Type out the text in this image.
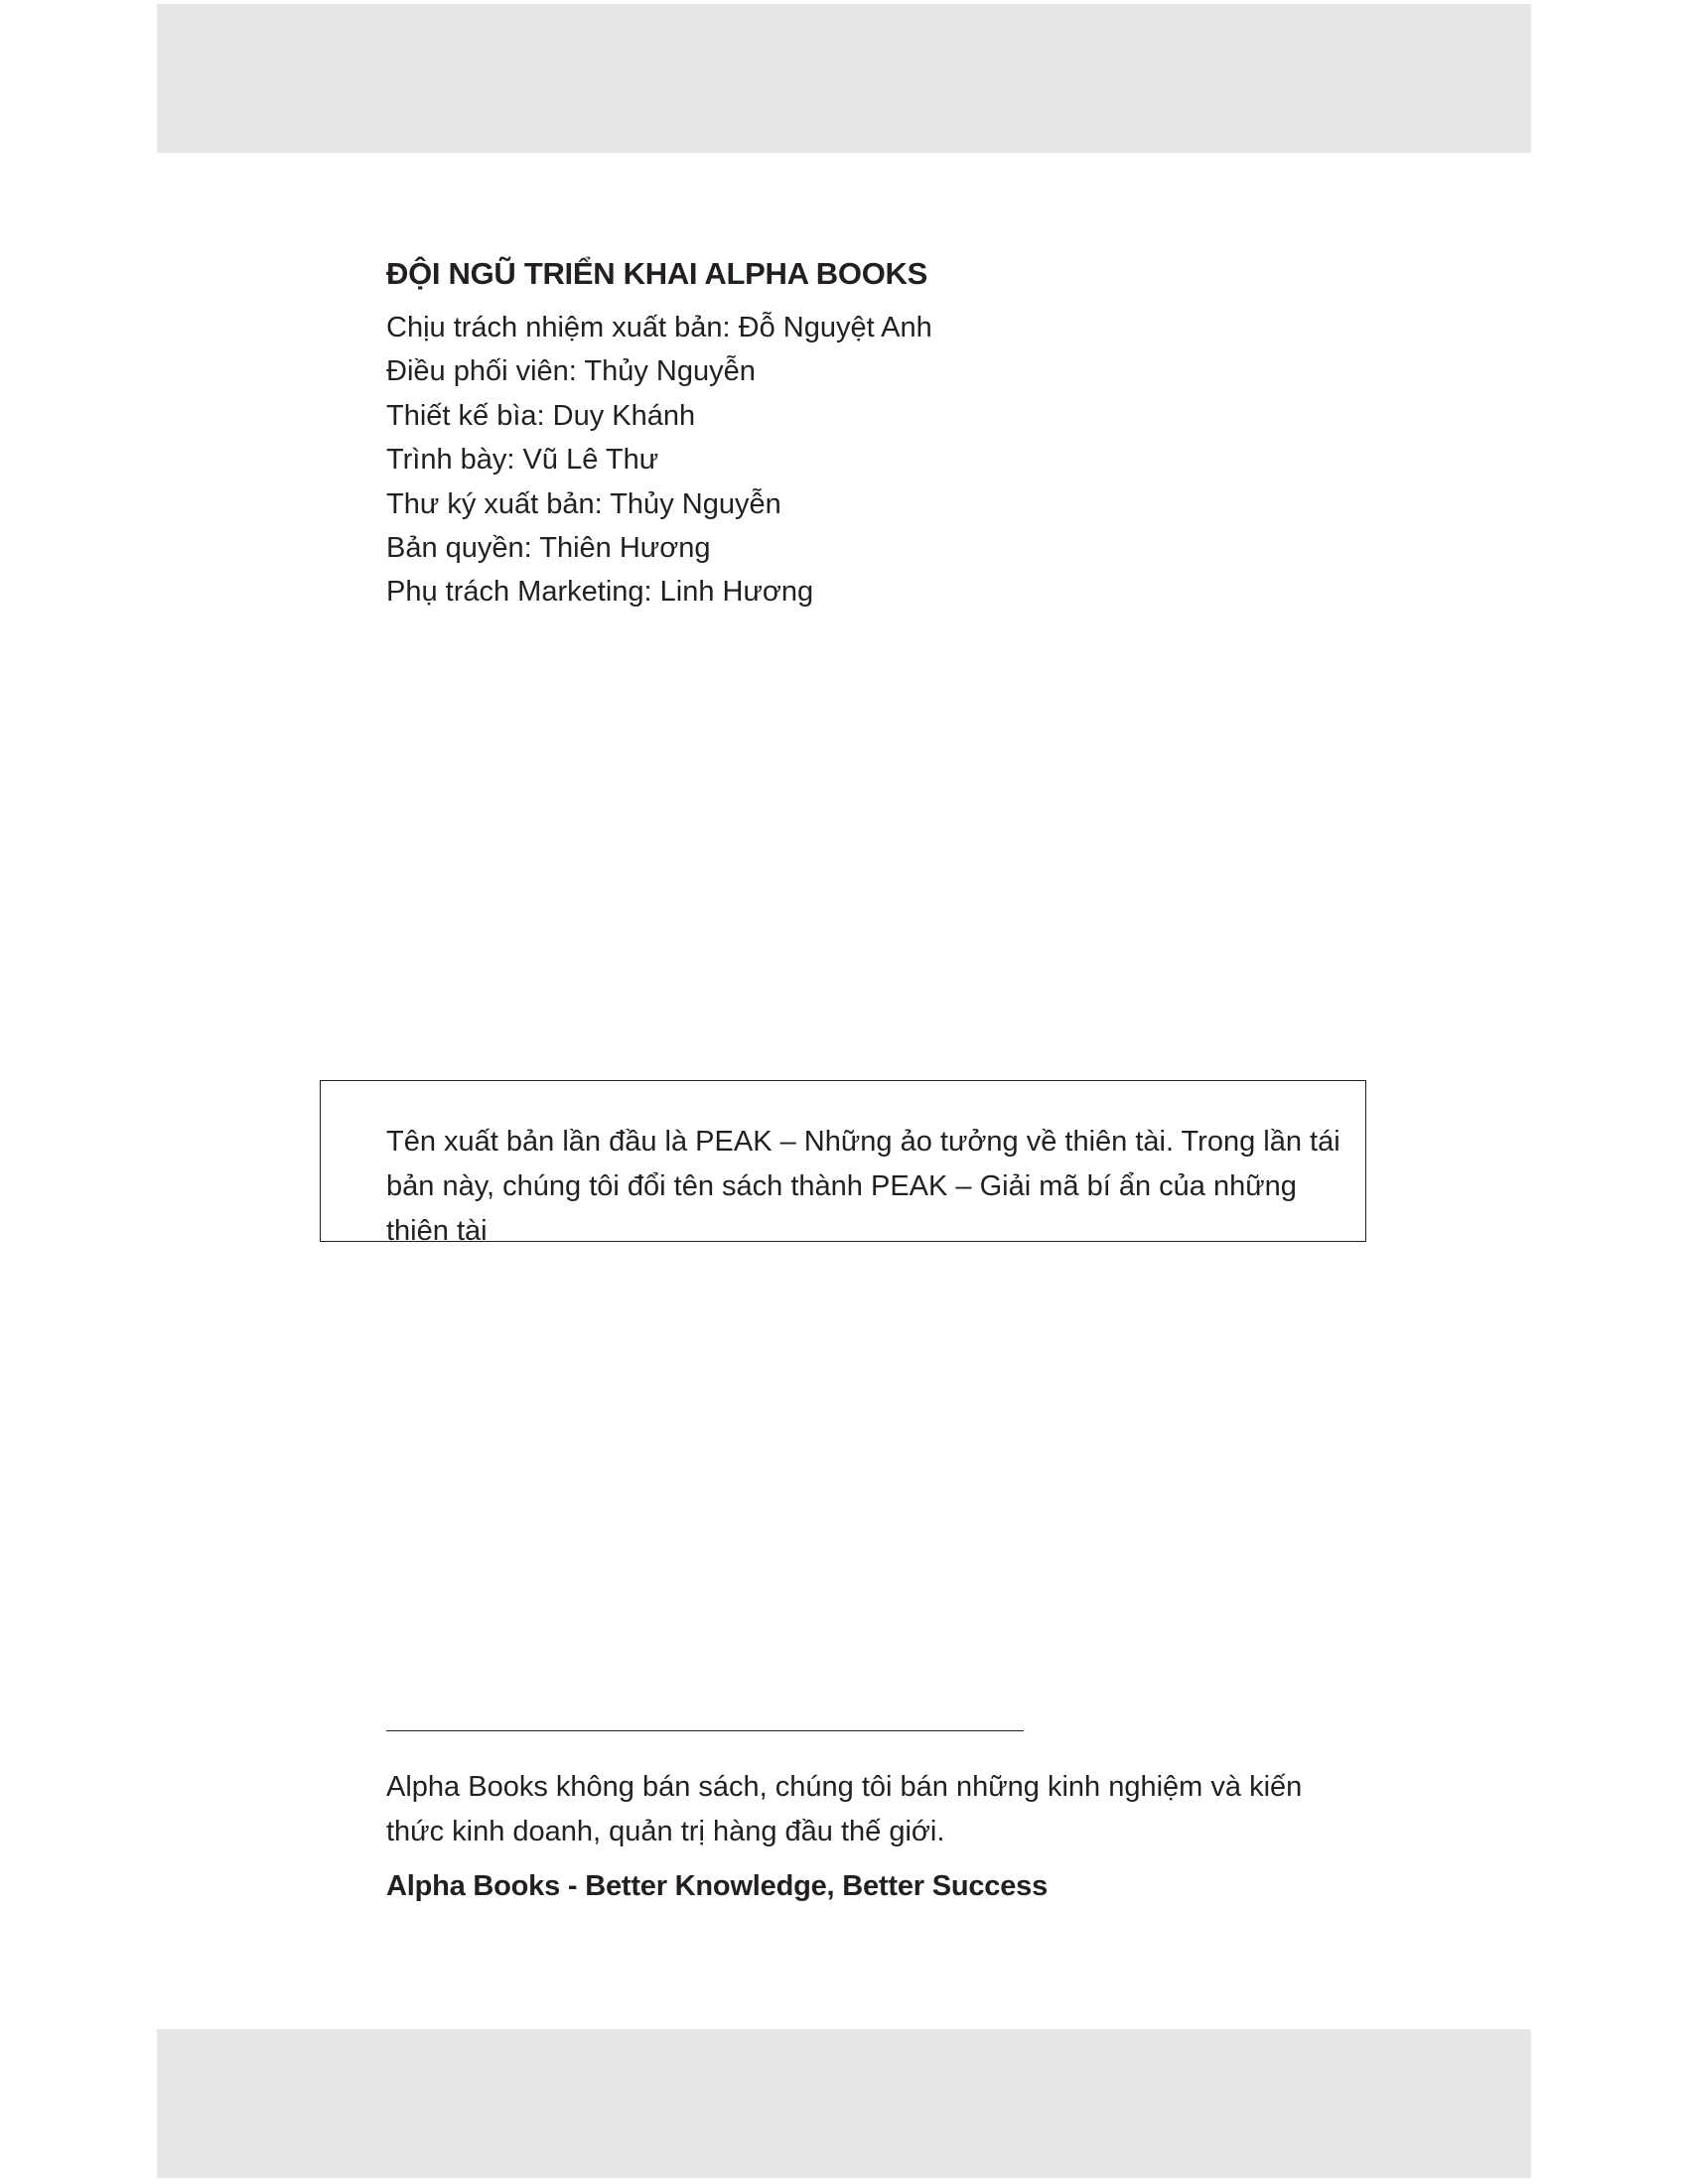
ĐỘI NGŨ TRIỂN KHAI ALPHA BOOKS

Chịu trách nhiệm xuất bản: Đỗ Nguyệt Anh

Điều phối viên: Thủy Nguyễn

Thiết kế bìa: Duy Khánh

Trình bày: Vũ Lê Thư

Thư ký xuất bản: Thủy Nguyễn

Bản quyền: Thiên Hương

Phụ trách Marketing: Linh Hương

Tên xuất bản lần đầu là PEAK – Những ảo tưởng về thiên tài. Trong lần tái bản này, chúng tôi đổi tên sách thành PEAK – Giải mã bí ẩn của những thiên tài

Alpha Books không bán sách, chúng tôi bán những kinh nghiệm và kiến thức kinh doanh, quản trị hàng đầu thế giới.

Alpha Books - Better Knowledge, Better Success
